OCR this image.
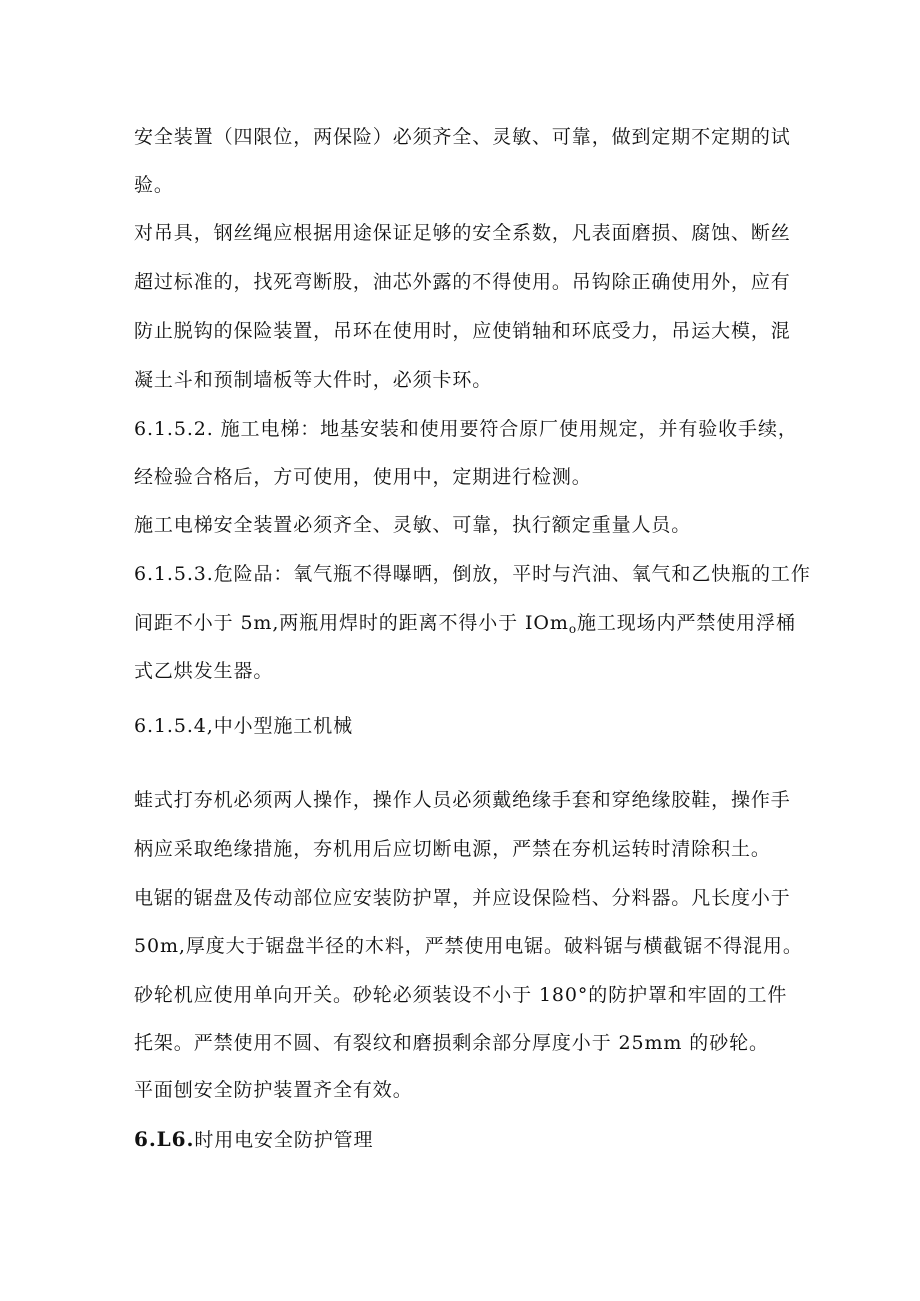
安全装置（四限位，两保险）必须齐全、灵敏、可靠，做到定期不定期的试
验。
对吊具，钢丝绳应根据用途保证足够的安全系数，凡表面磨损、腐蚀、断丝
超过标准的，找死弯断股，油芯外露的不得使用。吊钩除正确使用外，应有
防止脱钩的保险装置，吊环在使用时，应使销轴和环底受力，吊运大模，混
凝土斗和预制墙板等大件时，必须卡环。
6.1.5.2. 施工电梯：地基安装和使用要符合原厂使用规定，并有验收手续，
经检验合格后，方可使用，使用中，定期进行检测。
施工电梯安全装置必须齐全、灵敏、可靠，执行额定重量人员。
6.1.5.3.危险品：氧气瓶不得曝晒，倒放，平时与汽油、氧气和乙快瓶的工作
间距不小于 5m,两瓶用焊时的距离不得小于 IOm$_o$施工现场内严禁使用浮桶
式乙烘发生器。
6.1.5.4,中小型施工机械
蛙式打夯机必须两人操作，操作人员必须戴绝缘手套和穿绝缘胶鞋，操作手
柄应采取绝缘措施，夯机用后应切断电源，严禁在夯机运转时清除积土。
电锯的锯盘及传动部位应安装防护罩，并应设保险档、分料器。凡长度小于
50m,厚度大于锯盘半径的木料，严禁使用电锯。破料锯与横截锯不得混用。
砂轮机应使用单向开关。砂轮必须装设不小于 180°的防护罩和牢固的工件
托架。严禁使用不圆、有裂纹和磨损剩余部分厚度小于 25mm 的砂轮。
平面刨安全防护装置齐全有效。
6.L6.时用电安全防护管理
